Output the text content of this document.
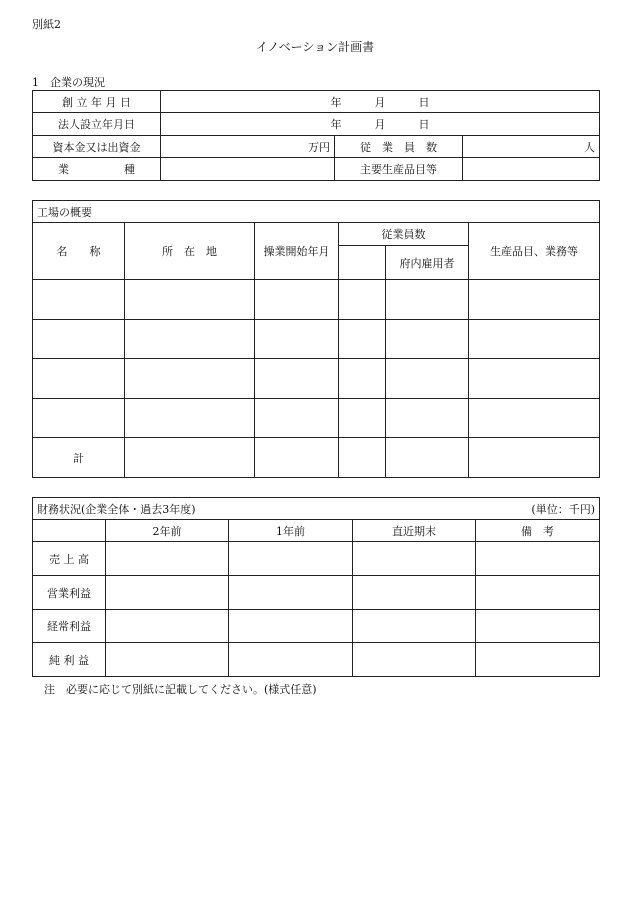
別紙2
イノベーション計画書
1　企業の現況
創 立 年 月 日	年　　　月　　　日		
法人設立年月日	年　　　月　　　日		
資本金又は出資金	万円	従　業　員　数	人
業　　　　　種		主要生産品目等	
工場の概要					
名　　称	所　在　地	操業開始年月	従業員数		生産品目、業務等
				府内雇用者	

計					
財務状況(企業全体・過去3年度) (単位：千円)				

	2年前	1年前	直近期末	備　考
売 上 高				
営業利益				
経常利益				
純 利 益				
注　必要に応じて別紙に記載してください。(様式任意)
